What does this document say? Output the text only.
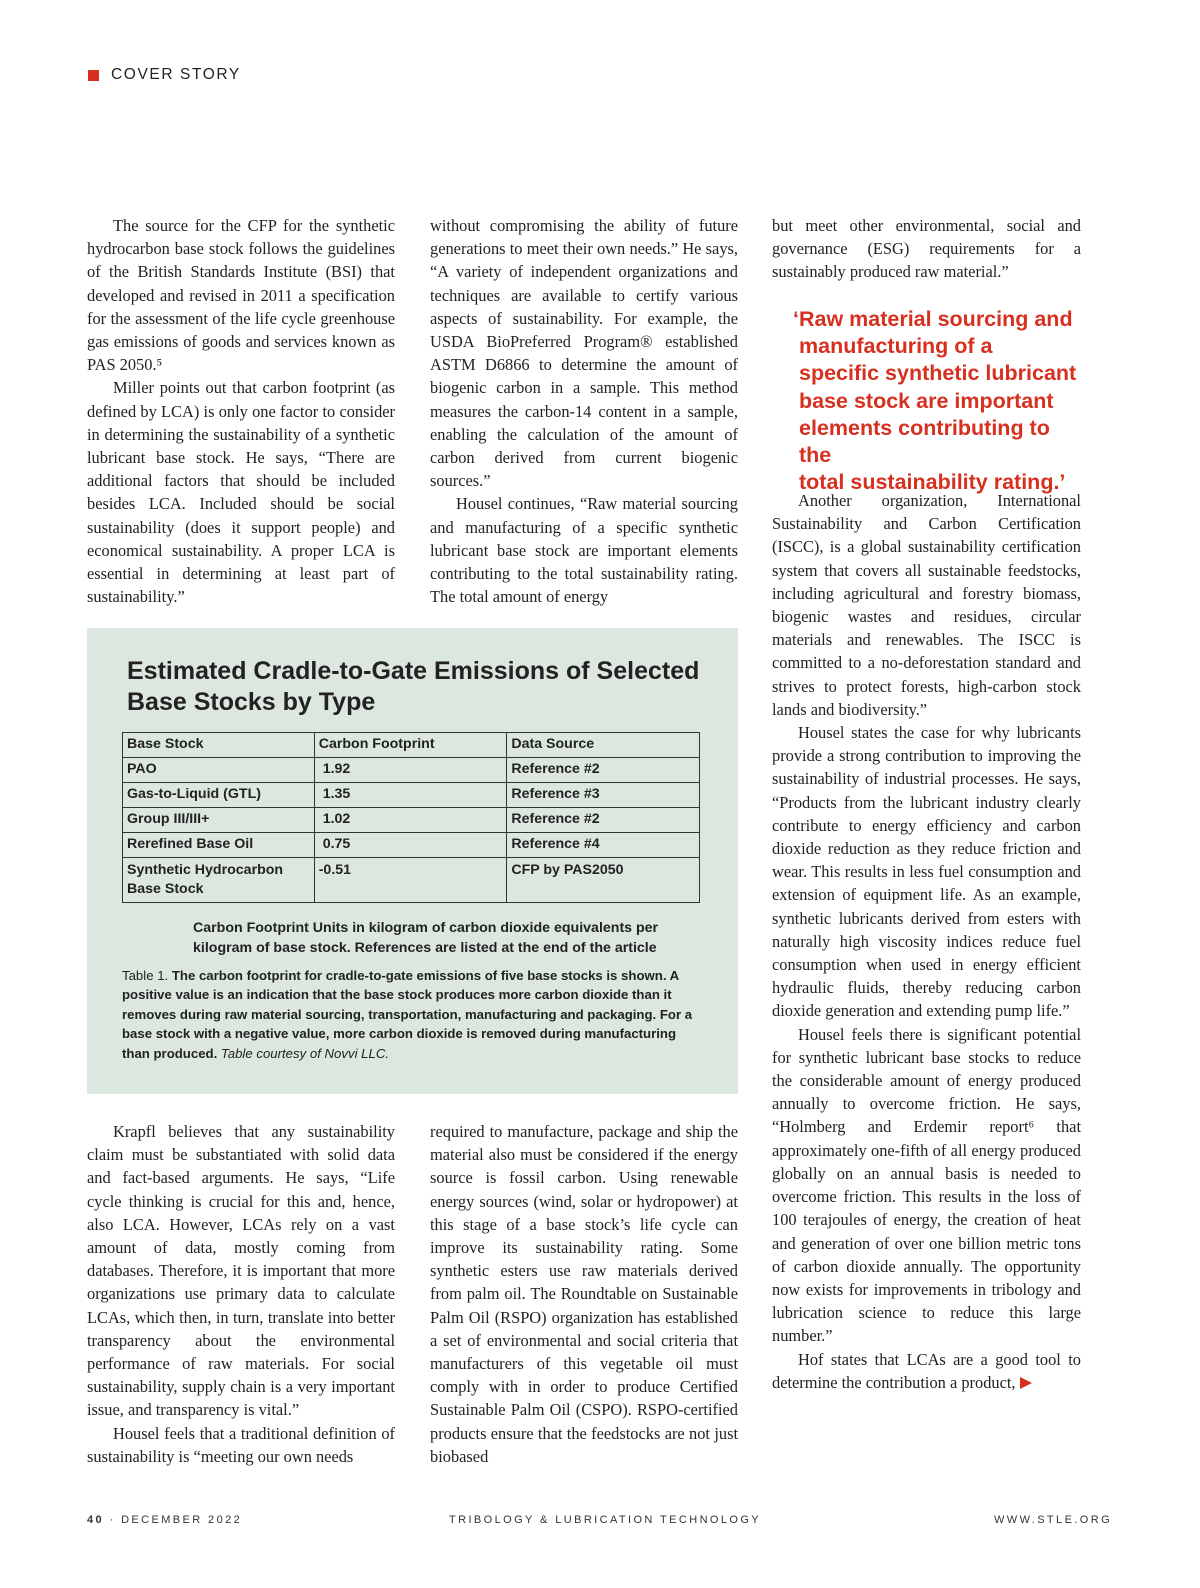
COVER STORY

The source for the CFP for the synthetic hydrocarbon base stock follows the guidelines of the British Standards Institute (BSI) that developed and revised in 2011 a specification for the assessment of the life cycle greenhouse gas emissions of goods and services known as PAS 2050.⁵

Miller points out that carbon footprint (as defined by LCA) is only one factor to consider in determining the sustainability of a synthetic lubricant base stock. He says, “There are additional factors that should be included besides LCA. Included should be social sustainability (does it support people) and economical sustainability. A proper LCA is essential in determining at least part of sustainability.”

without compromising the ability of future generations to meet their own needs.” He says, “A variety of independent organizations and techniques are available to certify various aspects of sustainability. For example, the USDA BioPreferred Program® established ASTM D6866 to determine the amount of biogenic carbon in a sample. This method measures the carbon-14 content in a sample, enabling the calculation of the amount of carbon derived from current biogenic sources.”

Housel continues, “Raw material sourcing and manufacturing of a specific synthetic lubricant base stock are important elements contributing to the total sustainability rating. The total amount of energy

but meet other environmental, social and governance (ESG) requirements for a sustainably produced raw material.”

‘Raw material sourcing and
manufacturing of a
specific synthetic lubricant
base stock are important
elements contributing to the
total sustainability rating.’

Another organization, International Sustainability and Carbon Certification (ISCC), is a global sustainability certification system that covers all sustainable feedstocks, including agricultural and forestry biomass, biogenic wastes and residues, circular materials and renewables. The ISCC is committed to a no-deforestation standard and strives to protect forests, high-carbon stock lands and biodiversity.”

Housel states the case for why lubricants provide a strong contribution to improving the sustainability of industrial processes. He says, “Products from the lubricant industry clearly contribute to energy efficiency and carbon dioxide reduction as they reduce friction and wear. This results in less fuel consumption and extension of equipment life. As an example, synthetic lubricants derived from esters with naturally high viscosity indices reduce fuel consumption when used in energy efficient hydraulic fluids, thereby reducing carbon dioxide generation and extending pump life.”

Housel feels there is significant potential for synthetic lubricant base stocks to reduce the considerable amount of energy produced annually to overcome friction. He says, “Holmberg and Erdemir report⁶ that approximately one-fifth of all energy produced globally on an annual basis is needed to overcome friction. This results in the loss of 100 terajoules of energy, the creation of heat and generation of over one billion metric tons of carbon dioxide annually. The opportunity now exists for improvements in tribology and lubrication science to reduce this large number.”

Hof states that LCAs are a good tool to determine the contribution a product,

Estimated Cradle-to-Gate Emissions of Selected
Base Stocks by Type
Base Stock	Carbon Footprint	Data Source
PAO	1.92	Reference #2
Gas-to-Liquid (GTL)	1.35	Reference #3
Group III/III+	1.02	Reference #2
Rerefined Base Oil	0.75	Reference #4

Synthetic Hydrocarbon
Base Stock	-0.51	CFP by PAS2050
Carbon Footprint Units in kilogram of carbon dioxide equivalents per
kilogram of base stock. References are listed at the end of the article
Table 1. The carbon footprint for cradle-to-gate emissions of five base stocks is shown. A positive value is an indication that the base stock produces more carbon dioxide than it removes during raw material sourcing, transportation, manufacturing and packaging. For a base stock with a negative value, more carbon dioxide is removed during manufacturing than produced. Table courtesy of Novvi LLC.

Krapfl believes that any sustainability claim must be substantiated with solid data and fact-based arguments. He says, “Life cycle thinking is crucial for this and, hence, also LCA. However, LCAs rely on a vast amount of data, mostly coming from databases. Therefore, it is important that more organizations use primary data to calculate LCAs, which then, in turn, translate into better transparency about the environmental performance of raw materials. For social sustainability, supply chain is a very important issue, and transparency is vital.”

Housel feels that a traditional definition of sustainability is “meeting our own needs

required to manufacture, package and ship the material also must be considered if the energy source is fossil carbon. Using renewable energy sources (wind, solar or hydropower) at this stage of a base stock’s life cycle can improve its sustainability rating. Some synthetic esters use raw materials derived from palm oil. The Roundtable on Sustainable Palm Oil (RSPO) organization has established a set of environmental and social criteria that manufacturers of this vegetable oil must comply with in order to produce Certified Sustainable Palm Oil (CSPO). RSPO-certified products ensure that the feedstocks are not just biobased

40 · DECEMBER 2022	TRIBOLOGY & LUBRICATION TECHNOLOGY	WWW.STLE.ORG
